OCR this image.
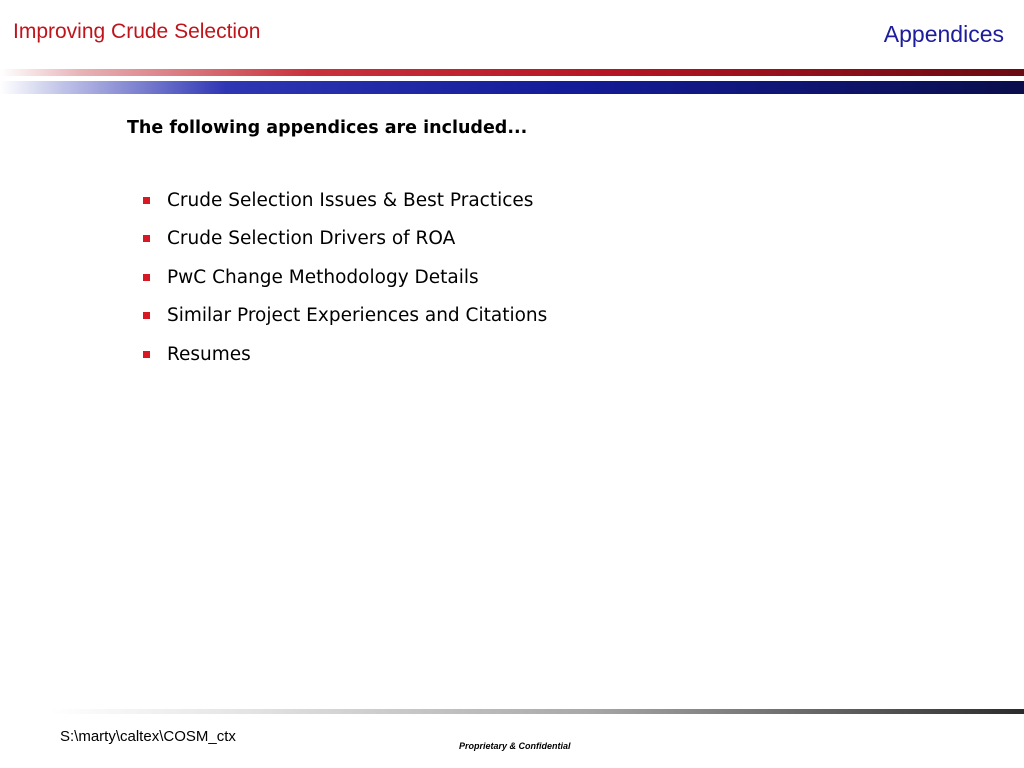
Improving Crude Selection	Appendices
The following appendices are included...
Crude Selection Issues & Best Practices
Crude Selection Drivers of ROA
PwC Change Methodology Details
Similar Project Experiences and Citations
Resumes
S:\marty\caltex\COSM_ctx
Proprietary & Confidential
